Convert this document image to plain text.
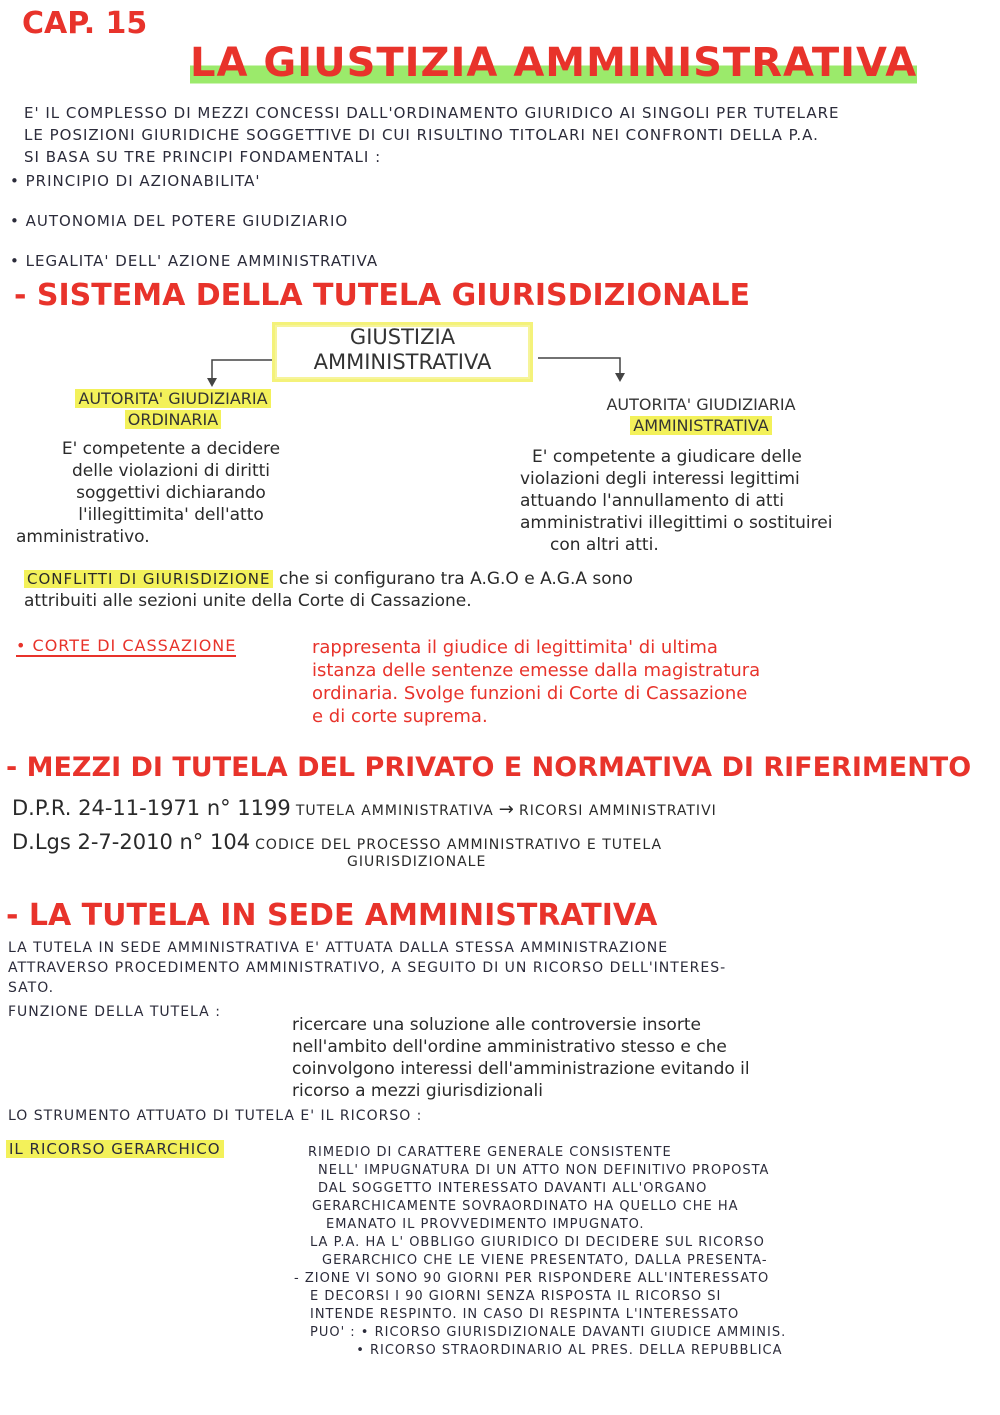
CAP. 15
LA GIUSTIZIA AMMINISTRATIVA
E' IL COMPLESSO DI MEZZI CONCESSI DALL'ORDINAMENTO GIURIDICO AI SINGOLI PER TUTELARE
LE POSIZIONI GIURIDICHE SOGGETTIVE DI CUI RISULTINO TITOLARI NEI CONFRONTI DELLA P.A.
SI BASA SU TRE PRINCIPI FONDAMENTALI :
• PRINCIPIO DI AZIONABILITA'
• AUTONOMIA DEL POTERE GIUDIZIARIO
• LEGALITA' DELL' AZIONE AMMINISTRATIVA
- SISTEMA DELLA TUTELA GIURISDIZIONALE
GIUSTIZIA
AMMINISTRATIVA
AUTORITA' GIUDIZIARIA
ORDINARIA
E' competente a decidere
delle violazioni di diritti
soggettivi dichiarando
l'illegittimita' dell'atto
amministrativo.
AUTORITA' GIUDIZIARIA
AMMINISTRATIVA
E' competente a giudicare delle
violazioni degli interessi legittimi
attuando l'annullamento di atti
amministrativi illegittimi o sostituirei
con altri atti.
CONFLITTI DI GIURISDIZIONE che si configurano tra A.G.O e A.G.A sono
attribuiti alle sezioni unite della Corte di Cassazione.
• CORTE DI CASSAZIONE	rappresenta il giudice di legittimita' di ultima
istanza delle sentenze emesse dalla magistratura
ordinaria. Svolge funzioni di Corte di Cassazione
e di corte suprema.
- MEZZI DI TUTELA DEL PRIVATO E NORMATIVA DI RIFERIMENTO
D.P.R. 24-11-1971 n° 1199 TUTELA AMMINISTRATIVA → RICORSI AMMINISTRATIVI
D.Lgs 2-7-2010 n° 104 CODICE DEL PROCESSO AMMINISTRATIVO E TUTELA
GIURISDIZIONALE
- LA TUTELA IN SEDE AMMINISTRATIVA
LA TUTELA IN SEDE AMMINISTRATIVA E' ATTUATA DALLA STESSA AMMINISTRAZIONE
ATTRAVERSO PROCEDIMENTO AMMINISTRATIVO, A SEGUITO DI UN RICORSO DELL'INTERES-
SATO.
FUNZIONE DELLA TUTELA :
ricercare una soluzione alle controversie insorte
nell'ambito dell'ordine amministrativo stesso e che
coinvolgono interessi dell'amministrazione evitando il
ricorso a mezzi giurisdizionali
LO STRUMENTO ATTUATO DI TUTELA E' IL RICORSO :
IL RICORSO GERARCHICO	RIMEDIO DI CARATTERE GENERALE CONSISTENTE
NELL' IMPUGNATURA DI UN ATTO NON DEFINITIVO PROPOSTA
DAL SOGGETTO INTERESSATO DAVANTI ALL'ORGANO
GERARCHICAMENTE SOVRAORDINATO HA QUELLO CHE HA
EMANATO IL PROVVEDIMENTO IMPUGNATO.
LA P.A. HA L' OBBLIGO GIURIDICO DI DECIDERE SUL RICORSO
GERARCHICO CHE LE VIENE PRESENTATO, DALLA PRESENTA-
- ZIONE VI SONO 90 GIORNI PER RISPONDERE ALL'INTERESSATO
E DECORSI I 90 GIORNI SENZA RISPOSTA IL RICORSO SI
INTENDE RESPINTO. IN CASO DI RESPINTA L'INTERESSATO
PUO' : • RICORSO GIURISDIZIONALE DAVANTI GIUDICE AMMINIS.
• RICORSO STRAORDINARIO AL PRES. DELLA REPUBBLICA
